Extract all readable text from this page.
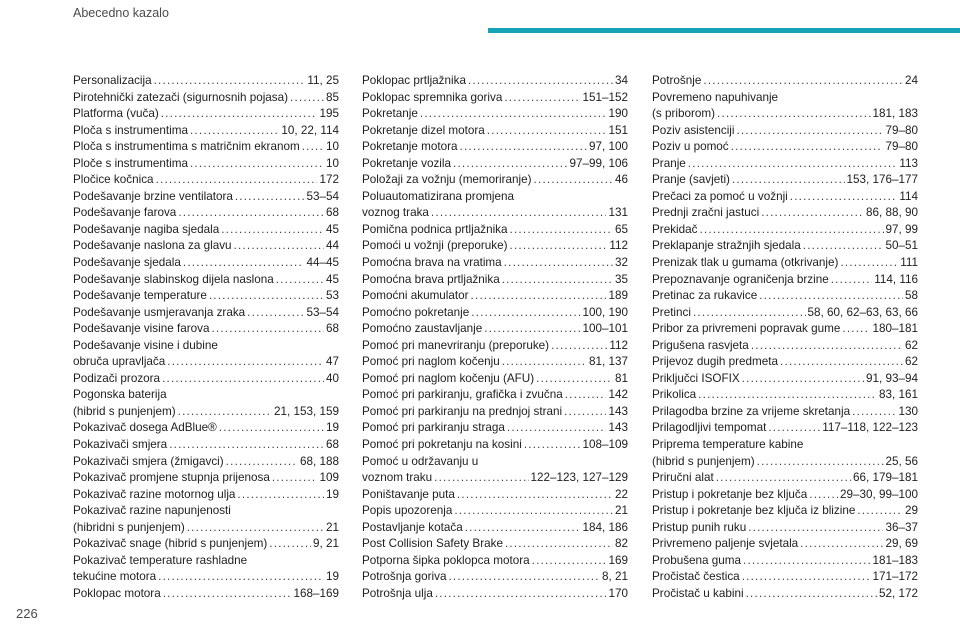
Abecedno kazalo
Personalizacija .....	11, 25
Pirotehnički zatezači (sigurnosnih pojasa) .....	85
Platforma (vuča) .....	195
Ploča s instrumentima .....	10, 22, 114
Ploča s instrumentima s matričnim ekranom ..... 10
Ploče s instrumentima .....	10
Pločice kočnica .....	172
Podešavanje brzine ventilatora .....	53–54
Podešavanje farova .....	68
Podešavanje nagiba sjedala .....	45
Podešavanje naslona za glavu .....	44
Podešavanje sjedala .....	44–45
Podešavanje slabinskog dijela naslona .....	45
Podešavanje temperature .....	53
Podešavanje usmjeravanja zraka .....	53–54
Podešavanje visine farova .....	68
Podešavanje visine i dubine
obruča upravljača .....	47
Podizači prozora .....	40
Pogonska baterija
(hibrid s punjenjem) .....	21, 153, 159
Pokazivač dosega AdBlue® .....	19
Pokazivači smjera .....	68
Pokazivači smjera (žmigavci) .....	68, 188
Pokazivač promjene stupnja prijenosa .....	109
Pokazivač razine motornog ulja .....	19
Pokazivač razine napunjenosti
(hibridni s punjenjem) .....	21
Pokazivač snage (hibrid s punjenjem) .....	9, 21
Pokazivač temperature rashladne
tekućine motora .....	19
Poklopac motora .....	168–169
Poklopac prtljažnika .....	34
Poklopac spremnika goriva .....	151–152
Pokretanje .....	190
Pokretanje dizel motora .....	151
Pokretanje motora .....	97, 100
Pokretanje vozila .....	97–99, 106
Položaji za vožnju (memoriranje) .....	46
Poluautomatizirana promjena
voznog traka .....	131
Pomična podnica prtljažnika .....	65
Pomoći u vožnji (preporuke) .....	112
Pomoćna brava na vratima .....	32
Pomoćna brava prtljažnika .....	35
Pomoćni akumulator .....	189
Pomoćno pokretanje .....	100, 190
Pomoćno zaustavljanje .....	100–101
Pomoć pri manevriranju (preporuke) .....	112
Pomoć pri naglom kočenju .....	81, 137
Pomoć pri naglom kočenju (AFU) .....	81
Pomoć pri parkiranju, grafička i zvučna .....	142
Pomoć pri parkiranju na prednjoj strani .....	143
Pomoć pri parkiranju straga .....	143
Pomoć pri pokretanju na kosini .....	108–109
Pomoć u održavanju u
voznom traku .....	122–123, 127–129
Poništavanje puta .....	22
Popis upozorenja .....	21
Postavljanje kotača .....	184, 186
Post Collision Safety Brake .....	82
Potporna šipka poklopca motora .....	169
Potrošnja goriva .....	8, 21
Potrošnja ulja .....	170
Potrošnje .....	24
Povremeno napuhivanje
(s priborom) .....	181, 183
Poziv asistenciji .....	79–80
Poziv u pomoć .....	79–80
Pranje .....	113
Pranje (savjeti) .....	153, 176–177
Prečaci za pomoć u vožnji .....	114
Prednji zračni jastuci .....	86, 88, 90
Prekidač .....	97, 99
Preklapanje stražnjih sjedala .....	50–51
Prenizak tlak u gumama (otkrivanje) .....	111
Prepoznavanje ograničenja brzine .....	114, 116
Pretinac za rukavice .....	58
Pretinci .....	58, 60, 62–63, 63, 66
Pribor za privremeni popravak gume .....	180–181
Prigušena rasvjeta .....	62
Prijevoz dugih predmeta .....	62
Priključci ISOFIX .....	91, 93–94
Prikolica .....	83, 161
Prilagodba brzine za vrijeme skretanja .....	130
Prilagodljivi tempomat .....	117–118, 122–123
Priprema temperature kabine
(hibrid s punjenjem) .....	25, 56
Priručni alat .....	66, 179–181
Pristup i pokretanje bez ključa .....	29–30, 99–100
Pristup i pokretanje bez ključa iz blizine .....	29
Pristup punih ruku .....	36–37
Privremeno paljenje svjetala .....	29, 69
Probušena guma .....	181–183
Pročistač čestica .....	171–172
Pročistač u kabini .....	52, 172
226
